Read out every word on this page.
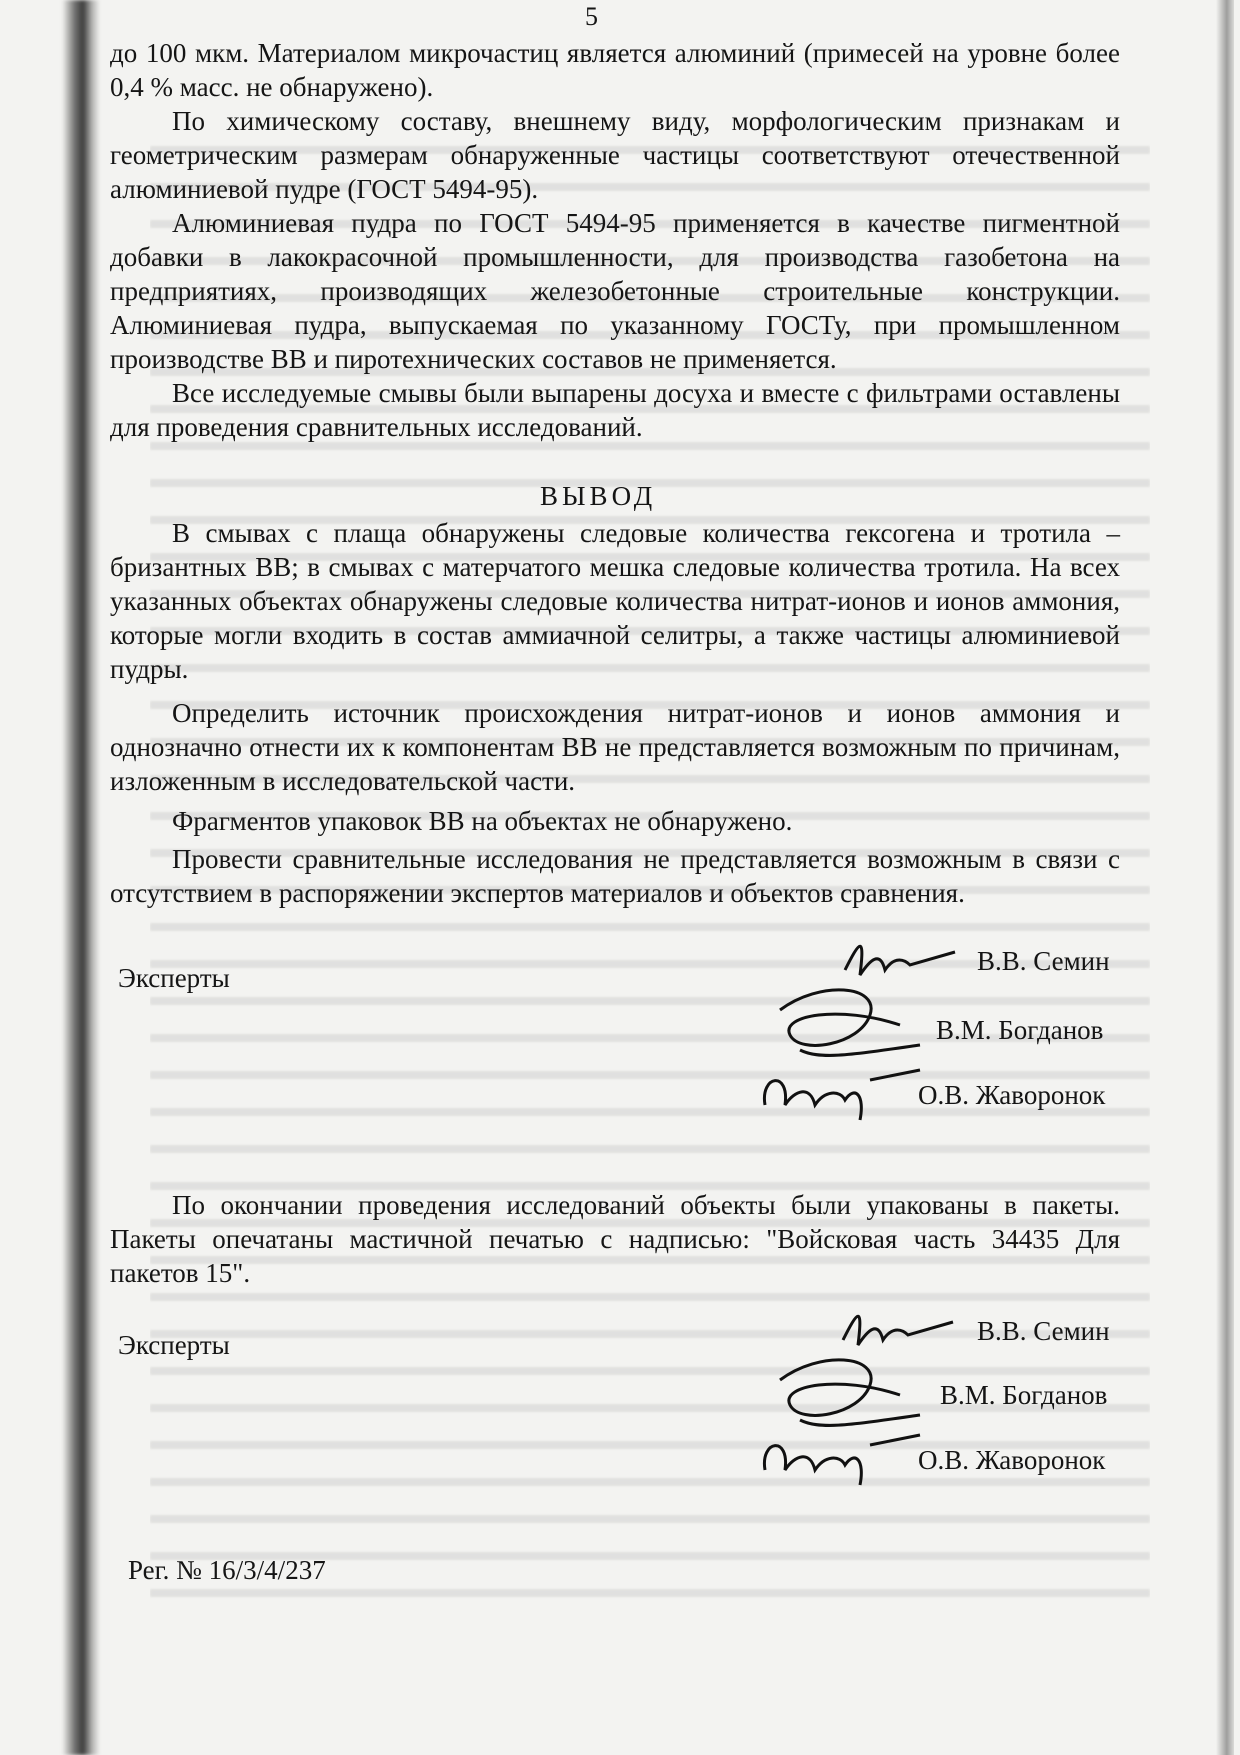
5

до 100 мкм. Материалом микрочастиц является алюминий (примесей на уровне более 0,4 % масс. не обнаружено).

По химическому составу, внешнему виду, морфологическим признакам и геометрическим размерам обнаруженные частицы соответствуют отечественной алюминиевой пудре (ГОСТ 5494-95).

Алюминиевая пудра по ГОСТ 5494-95 применяется в качестве пигментной добавки в лакокрасочной промышленности, для производства газобетона на предприятиях, производящих железобетонные строительные конструкции. Алюминиевая пудра, выпускаемая по указанному ГОСТу, при промышленном производстве ВВ и пиротехнических составов не применяется.

Все исследуемые смывы были выпарены досуха и вместе с фильтрами оставлены для проведения сравнительных исследований.

ВЫВОД

В смывах с плаща обнаружены следовые количества гексогена и тротила – бризантных ВВ; в смывах с матерчатого мешка следовые количества тротила. На всех указанных объектах обнаружены следовые количества нитрат-ионов и ионов аммония, которые могли входить в состав аммиачной селитры, а также частицы алюминиевой пудры.

Определить источник происхождения нитрат-ионов и ионов аммония и однозначно отнести их к компонентам ВВ не представляется возможным по причинам, изложенным в исследовательской части.

Фрагментов упаковок ВВ на объектах не обнаружено.

Провести сравнительные исследования не представляется возможным в связи с отсутствием в распоряжении экспертов материалов и объектов сравнения.

Эксперты
В.В. Семин
В.М. Богданов
О.В. Жаворонок

По окончании проведения исследований объекты были упакованы в пакеты. Пакеты опечатаны мастичной печатью с надписью: "Войсковая часть 34435 Для пакетов 15".

Эксперты	В.В. Семин
В.М. Богданов
О.В. Жаворонок
Рег. № 16/3/4/237
